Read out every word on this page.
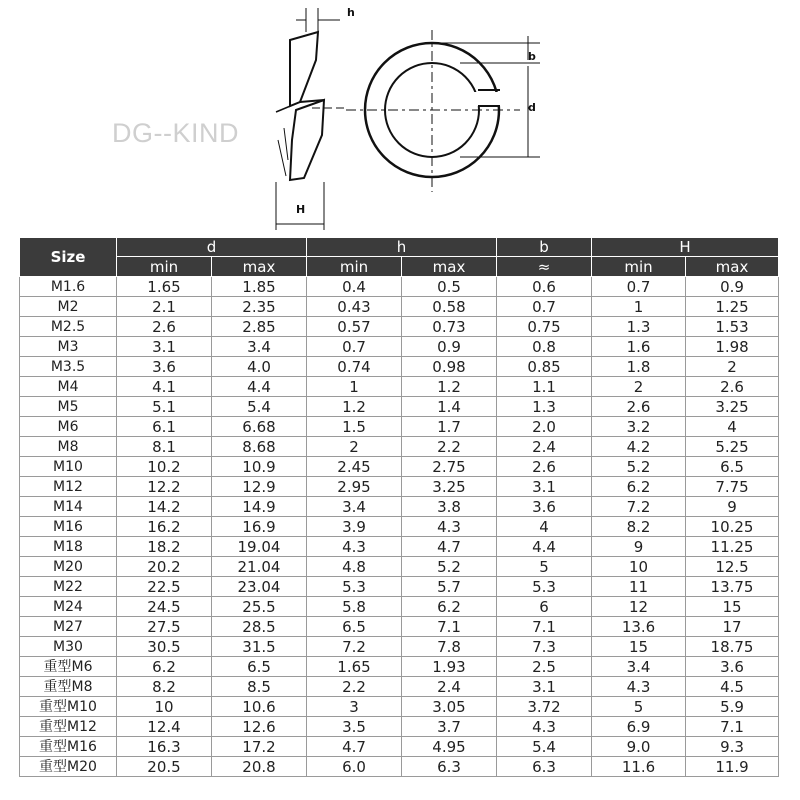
DG--KIND
h
H
b
d
Size	d		h		b	H	
	min	max	min	max	≈	min	max
M1.6	1.65	1.85	0.4	0.5	0.6	0.7	0.9
M2	2.1	2.35	0.43	0.58	0.7	1	1.25
M2.5	2.6	2.85	0.57	0.73	0.75	1.3	1.53
M3	3.1	3.4	0.7	0.9	0.8	1.6	1.98
M3.5	3.6	4.0	0.74	0.98	0.85	1.8	2
M4	4.1	4.4	1	1.2	1.1	2	2.6
M5	5.1	5.4	1.2	1.4	1.3	2.6	3.25
M6	6.1	6.68	1.5	1.7	2.0	3.2	4
M8	8.1	8.68	2	2.2	2.4	4.2	5.25
M10	10.2	10.9	2.45	2.75	2.6	5.2	6.5
M12	12.2	12.9	2.95	3.25	3.1	6.2	7.75
M14	14.2	14.9	3.4	3.8	3.6	7.2	9
M16	16.2	16.9	3.9	4.3	4	8.2	10.25
M18	18.2	19.04	4.3	4.7	4.4	9	11.25
M20	20.2	21.04	4.8	5.2	5	10	12.5
M22	22.5	23.04	5.3	5.7	5.3	11	13.75
M24	24.5	25.5	5.8	6.2	6	12	15
M27	27.5	28.5	6.5	7.1	7.1	13.6	17
M30	30.5	31.5	7.2	7.8	7.3	15	18.75
重型M6	6.2	6.5	1.65	1.93	2.5	3.4	3.6
重型M8	8.2	8.5	2.2	2.4	3.1	4.3	4.5
重型M10	10	10.6	3	3.05	3.72	5	5.9
重型M12	12.4	12.6	3.5	3.7	4.3	6.9	7.1
重型M16	16.3	17.2	4.7	4.95	5.4	9.0	9.3
重型M20	20.5	20.8	6.0	6.3	6.3	11.6	11.9
